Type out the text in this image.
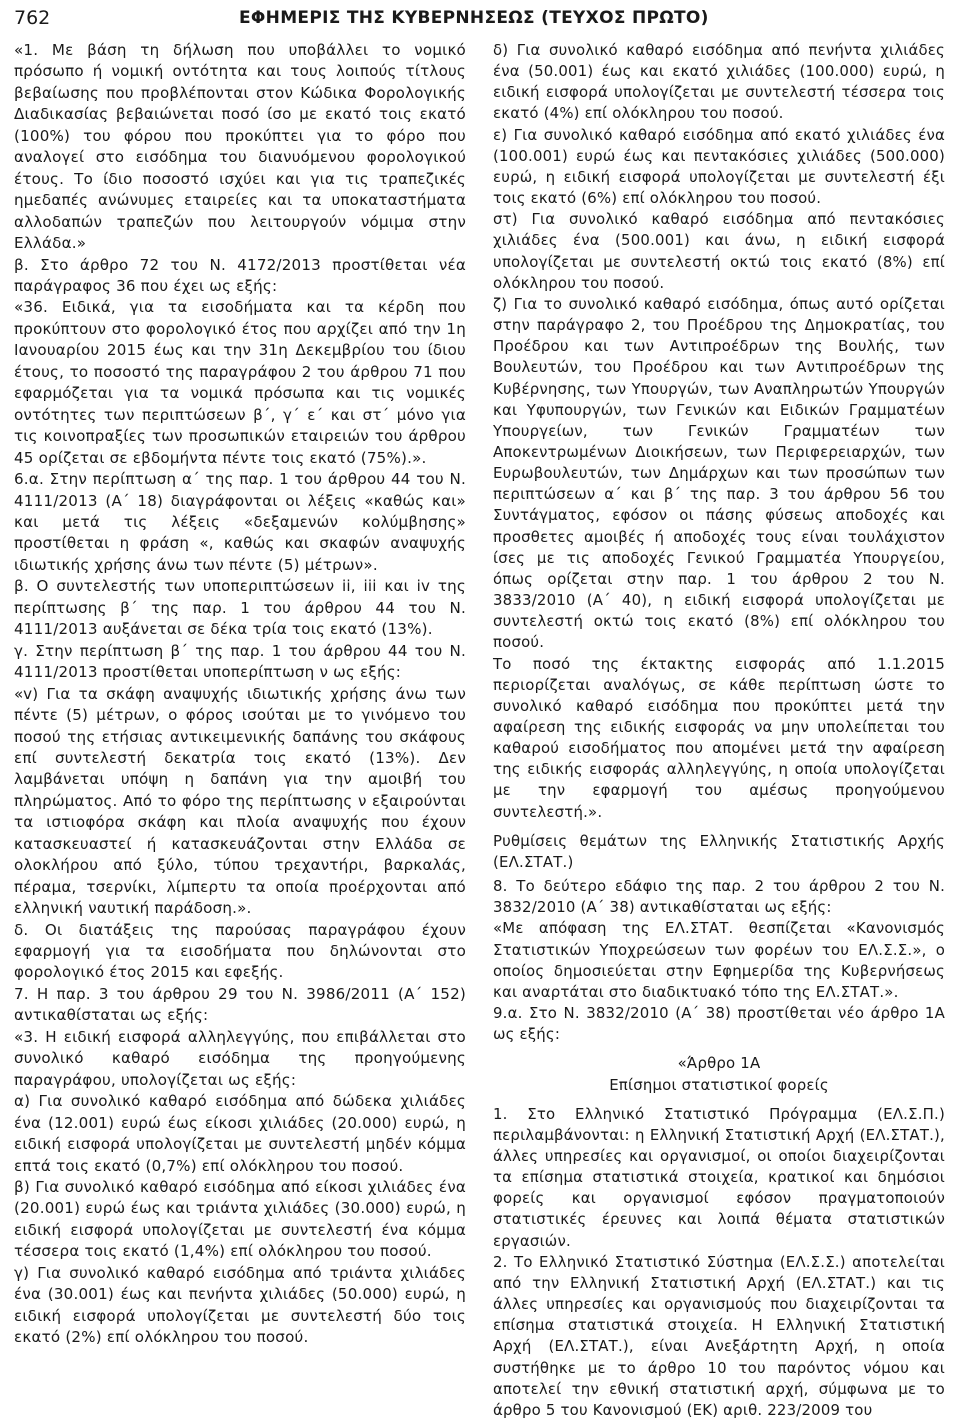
762	ΕΦΗΜΕΡΙΣ ΤΗΣ ΚΥΒΕΡΝΗΣΕΩΣ (ΤΕΥΧΟΣ ΠΡΩΤΟ)

«1. Με βάση τη δήλωση που υποβάλλει το νομικό πρόσωπο ή νομική οντότητα και τους λοιπούς τίτλους βεβαίωσης που προβλέπονται στον Κώδικα Φορολογικής Διαδικασίας βεβαιώνεται ποσό ίσο με εκατό τοις εκατό (100%) του φόρου που προκύπτει για το φόρο που αναλογεί στο εισόδημα του διανυόμενου φορολογικού έτους. Το ίδιο ποσοστό ισχύει και για τις τραπεζικές ημεδαπές ανώνυμες εταιρείες και τα υποκαταστήματα αλλοδαπών τραπεζών που λειτουργούν νόμιμα στην Ελλάδα.»

β. Στο άρθρο 72 του Ν. 4172/2013 προστίθεται νέα παράγραφος 36 που έχει ως εξής:

«36. Ειδικά, για τα εισοδήματα και τα κέρδη που προκύπτουν στο φορολογικό έτος που αρχίζει από την 1η Ιανουαρίου 2015 έως και την 31η Δεκεμβρίου του ίδιου έτους, το ποσοστό της παραγράφου 2 του άρθρου 71 που εφαρμόζεται για τα νομικά πρόσωπα και τις νομικές οντότητες των περιπτώσεων β΄, γ΄ ε΄ και στ΄ μόνο για τις κοινοπραξίες των προσωπικών εταιρειών του άρθρου 45 ορίζεται σε εβδομήντα πέντε τοις εκατό (75%).».

6.α. Στην περίπτωση α΄ της παρ. 1 του άρθρου 44 του Ν. 4111/2013 (Α΄ 18) διαγράφονται οι λέξεις «καθώς και» και μετά τις λέξεις «δεξαμενών κολύμβησης» προστίθεται η φράση «, καθώς και σκαφών αναψυχής ιδιωτικής χρήσης άνω των πέντε (5) μέτρων».

β. Ο συντελεστής των υποπεριπτώσεων ii, iii και iv της περίπτωσης β΄ της παρ. 1 του άρθρου 44 του Ν. 4111/2013 αυξάνεται σε δέκα τρία τοις εκατό (13%).

γ. Στην περίπτωση β΄ της παρ. 1 του άρθρου 44 του Ν. 4111/2013 προστίθεται υποπερίπτωση ν ως εξής:

«v) Για τα σκάφη αναψυχής ιδιωτικής χρήσης άνω των πέντε (5) μέτρων, ο φόρος ισούται με το γινόμενο του ποσού της ετήσιας αντικειμενικής δαπάνης του σκάφους επί συντελεστή δεκατρία τοις εκατό (13%). Δεν λαμβάνεται υπόψη η δαπάνη για την αμοιβή του πληρώματος. Από το φόρο της περίπτωσης ν εξαιρούνται τα ιστιοφόρα σκάφη και πλοία αναψυχής που έχουν κατασκευαστεί ή κατασκευάζονται στην Ελλάδα σε ολοκλήρου από ξύλο, τύπου τρεχαντήρι, βαρκαλάς, πέραμα, τσερνίκι, λίμπερτυ τα οποία προέρχονται από ελληνική ναυτική παράδοση.».

δ. Οι διατάξεις της παρούσας παραγράφου έχουν εφαρμογή για τα εισοδήματα που δηλώνονται στο φορολογικό έτος 2015 και εφεξής.

7. Η παρ. 3 του άρθρου 29 του Ν. 3986/2011 (Α΄ 152) αντικαθίσταται ως εξής:

«3. Η ειδική εισφορά αλληλεγγύης, που επιβάλλεται στο συνολικό καθαρό εισόδημα της προηγούμενης παραγράφου, υπολογίζεται ως εξής:

α) Για συνολικό καθαρό εισόδημα από δώδεκα χιλιάδες ένα (12.001) ευρώ έως είκοσι χιλιάδες (20.000) ευρώ, η ειδική εισφορά υπολογίζεται με συντελεστή μηδέν κόμμα επτά τοις εκατό (0,7%) επί ολόκληρου του ποσού.

β) Για συνολικό καθαρό εισόδημα από είκοσι χιλιάδες ένα (20.001) ευρώ έως και τριάντα χιλιάδες (30.000) ευρώ, η ειδική εισφορά υπολογίζεται με συντελεστή ένα κόμμα τέσσερα τοις εκατό (1,4%) επί ολόκληρου του ποσού.

γ) Για συνολικό καθαρό εισόδημα από τριάντα χιλιάδες ένα (30.001) έως και πενήντα χιλιάδες (50.000) ευρώ, η ειδική εισφορά υπολογίζεται με συντελεστή δύο τοις εκατό (2%) επί ολόκληρου του ποσού.

δ) Για συνολικό καθαρό εισόδημα από πενήντα χιλιάδες ένα (50.001) έως και εκατό χιλιάδες (100.000) ευρώ, η ειδική εισφορά υπολογίζεται με συντελεστή τέσσερα τοις εκατό (4%) επί ολόκληρου του ποσού.

ε) Για συνολικό καθαρό εισόδημα από εκατό χιλιάδες ένα (100.001) ευρώ έως και πεντακόσιες χιλιάδες (500.000) ευρώ, η ειδική εισφορά υπολογίζεται με συντελεστή έξι τοις εκατό (6%) επί ολόκληρου του ποσού.

στ) Για συνολικό καθαρό εισόδημα από πεντακόσιες χιλιάδες ένα (500.001) και άνω, η ειδική εισφορά υπολογίζεται με συντελεστή οκτώ τοις εκατό (8%) επί ολόκληρου του ποσού.

ζ) Για το συνολικό καθαρό εισόδημα, όπως αυτό ορίζεται στην παράγραφο 2, του Προέδρου της Δημοκρατίας, του Προέδρου και των Αντιπροέδρων της Βουλής, των Βουλευτών, του Προέδρου και των Αντιπροέδρων της Κυβέρνησης, των Υπουργών, των Αναπληρωτών Υπουργών και Υφυπουργών, των Γενικών και Ειδικών Γραμματέων Υπουργείων, των Γενικών Γραμματέων των Αποκεντρωμένων Διοικήσεων, των Περιφερειαρχών, των Ευρωβουλευτών, των Δημάρχων και των προσώπων των περιπτώσεων α΄ και β΄ της παρ. 3 του άρθρου 56 του Συντάγματος, εφόσον οι πάσης φύσεως αποδοχές και προσθετες αμοιβές ή αποδοχές τους είναι τουλάχιστον ίσες με τις αποδοχές Γενικού Γραμματέα Υπουργείου, όπως ορίζεται στην παρ. 1 του άρθρου 2 του Ν. 3833/2010 (Α΄ 40), η ειδική εισφορά υπολογίζεται με συντελεστή οκτώ τοις εκατό (8%) επί ολόκληρου του ποσού.

Το ποσό της έκτακτης εισφοράς από 1.1.2015 περιορίζεται αναλόγως, σε κάθε περίπτωση ώστε το συνολικό καθαρό εισόδημα που προκύπτει μετά την αφαίρεση της ειδικής εισφοράς να μην υπολείπεται του καθαρού εισοδήματος που απομένει μετά την αφαίρεση της ειδικής εισφοράς αλληλεγγύης, η οποία υπολογίζεται με την εφαρμογή του αμέσως προηγούμενου συντελεστή.».

Ρυθμίσεις θεμάτων της Ελληνικής Στατιστικής Αρχής (ΕΛ.ΣΤΑΤ.)

8. Το δεύτερο εδάφιο της παρ. 2 του άρθρου 2 του Ν. 3832/2010 (Α΄ 38) αντικαθίσταται ως εξής:

«Με απόφαση της ΕΛ.ΣΤΑΤ. θεσπίζεται «Κανονισμός Στατιστικών Υποχρεώσεων των φορέων του ΕΛ.Σ.Σ.», ο οποίος δημοσιεύεται στην Εφημερίδα της Κυβερνήσεως και αναρτάται στο διαδικτυακό τόπο της ΕΛ.ΣΤΑΤ.».

9.α. Στο Ν. 3832/2010 (Α΄ 38) προστίθεται νέο άρθρο 1Α ως εξής:

«Άρθρο 1Α

Επίσημοι στατιστικοί φορείς

1. Στο Ελληνικό Στατιστικό Πρόγραμμα (ΕΛ.Σ.Π.) περιλαμβάνονται: η Ελληνική Στατιστική Αρχή (ΕΛ.ΣΤΑΤ.), άλλες υπηρεσίες και οργανισμοί, οι οποίοι διαχειρίζονται τα επίσημα στατιστικά στοιχεία, κρατικοί και δημόσιοι φορείς και οργανισμοί εφόσον πραγματοποιούν στατιστικές έρευνες και λοιπά θέματα στατιστικών εργασιών.

2. Το Ελληνικό Στατιστικό Σύστημα (ΕΛ.Σ.Σ.) αποτελείται από την Ελληνική Στατιστική Αρχή (ΕΛ.ΣΤΑΤ.) και τις άλλες υπηρεσίες και οργανισμούς που διαχειρίζονται τα επίσημα στατιστικά στοιχεία. Η Ελληνική Στατιστική Αρχή (ΕΛ.ΣΤΑΤ.), είναι Ανεξάρτητη Αρχή, η οποία συστήθηκε με το άρθρο 10 του παρόντος νόμου και αποτελεί την εθνική στατιστική αρχή, σύμφωνα με το άρθρο 5 του Κανονισμού (ΕΚ) αριθ. 223/2009 του
